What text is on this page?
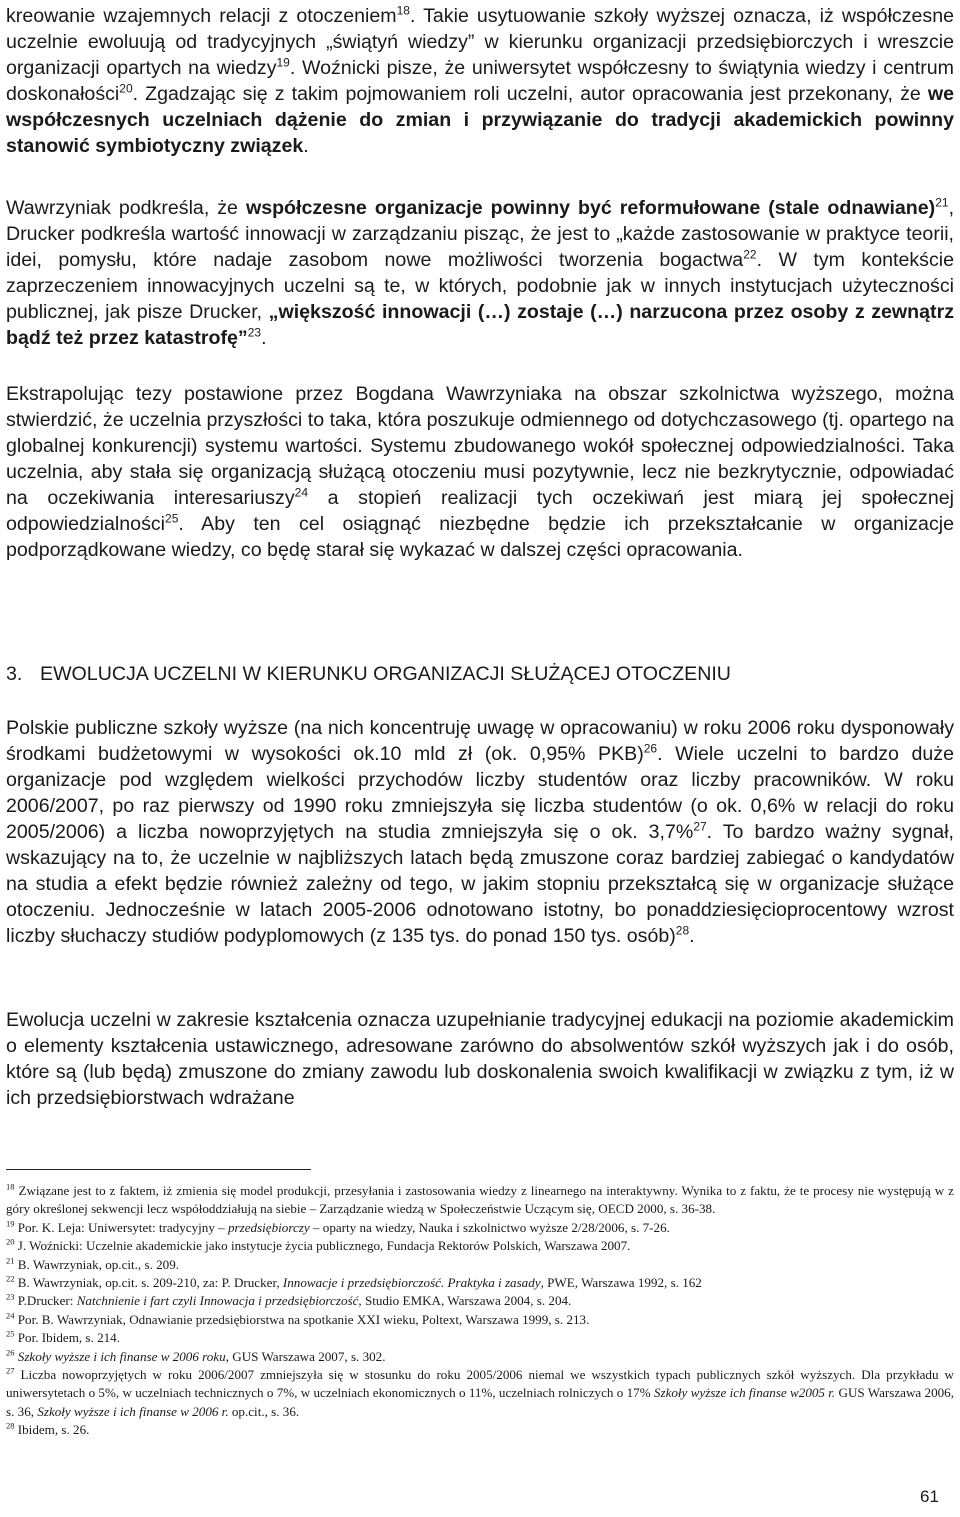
kreowanie wzajemnych relacji z otoczeniem$^{18}$. Takie usytuowanie szkoły wyższej oznacza, iż współczesne uczelnie ewoluują od tradycyjnych „świątyń wiedzy” w kierunku organizacji przedsiębiorczych i wreszcie organizacji opartych na wiedzy$^{19}$. Woźnicki pisze, że uniwersytet współczesny to świątynia wiedzy i centrum doskonałości$^{20}$. Zgadzając się z takim pojmowaniem roli uczelni, autor opracowania jest przekonany, że we współczesnych uczelniach dążenie do zmian i przywiązanie do tradycji akademickich powinny stanowić symbiotyczny związek.

Wawrzyniak podkreśla, że współczesne organizacje powinny być reformułowane (stale odnawiane)$^{21}$, Drucker podkreśla wartość innowacji w zarządzaniu pisząc, że jest to „każde zastosowanie w praktyce teorii, idei, pomysłu, które nadaje zasobom nowe możliwości tworzenia bogactwa$^{22}$. W tym kontekście zaprzeczeniem innowacyjnych uczelni są te, w których, podobnie jak w innych instytucjach użyteczności publicznej, jak pisze Drucker, „większość innowacji (…) zostaje (…) narzucona przez osoby z zewnątrz bądź też przez katastrofę”$^{23}$.

Ekstrapolując tezy postawione przez Bogdana Wawrzyniaka na obszar szkolnictwa wyższego, można stwierdzić, że uczelnia przyszłości to taka, która poszukuje odmiennego od dotychczasowego (tj. opartego na globalnej konkurencji) systemu wartości. Systemu zbudowanego wokół społecznej odpowiedzialności. Taka uczelnia, aby stała się organizacją służącą otoczeniu musi pozytywnie, lecz nie bezkrytycznie, odpowiadać na oczekiwania interesariuszy$^{24}$ a stopień realizacji tych oczekiwań jest miarą jej społecznej odpowiedzialności$^{25}$. Aby ten cel osiągnąć niezbędne będzie ich przekształcanie w organizacje podporządkowane wiedzy, co będę starał się wykazać w dalszej części opracowania.

3. EWOLUCJA UCZELNI W KIERUNKU ORGANIZACJI SŁUŻĄCEJ OTOCZENIU

Polskie publiczne szkoły wyższe (na nich koncentruję uwagę w opracowaniu) w roku 2006 roku dysponowały środkami budżetowymi w wysokości ok.10 mld zł (ok. 0,95% PKB)$^{26}$. Wiele uczelni to bardzo duże organizacje pod względem wielkości przychodów liczby studentów oraz liczby pracowników. W roku 2006/2007, po raz pierwszy od 1990 roku zmniejszyła się liczba studentów (o ok. 0,6% w relacji do roku 2005/2006) a liczba nowoprzyjętych na studia zmniejszyła się o ok. 3,7%$^{27}$. To bardzo ważny sygnał, wskazujący na to, że uczelnie w najbliższych latach będą zmuszone coraz bardziej zabiegać o kandydatów na studia a efekt będzie również zależny od tego, w jakim stopniu przekształcą się w organizacje służące otoczeniu. Jednocześnie w latach 2005-2006 odnotowano istotny, bo ponaddziesięcioprocentowy wzrost liczby słuchaczy studiów podyplomowych (z 135 tys. do ponad 150 tys. osób)$^{28}$.

Ewolucja uczelni w zakresie kształcenia oznacza uzupełnianie tradycyjnej edukacji na poziomie akademickim o elementy kształcenia ustawicznego, adresowane zarówno do absolwentów szkół wyższych jak i do osób, które są (lub będą) zmuszone do zmiany zawodu lub doskonalenia swoich kwalifikacji w związku z tym, iż w ich przedsiębiorstwach wdrażane

$^{18}$ Związane jest to z faktem, iż zmienia się model produkcji, przesyłania i zastosowania wiedzy z linearnego na interaktywny. Wynika to z faktu, że te procesy nie występują w z góry określonej sekwencji lecz współoddziałują na siebie – Zarządzanie wiedzą w Społeczeństwie Uczącym się, OECD 2000, s. 36-38.

$^{19}$ Por. K. Leja: Uniwersytet: tradycyjny – przedsiębiorczy – oparty na wiedzy, Nauka i szkolnictwo wyższe 2/28/2006, s. 7-26.

$^{20}$ J. Woźnicki: Uczelnie akademickie jako instytucje życia publicznego, Fundacja Rektorów Polskich, Warszawa 2007.

$^{21}$ B. Wawrzyniak, op.cit., s. 209.

$^{22}$ B. Wawrzyniak, op.cit. s. 209-210, za: P. Drucker, Innowacje i przedsiębiorczość. Praktyka i zasady, PWE, Warszawa 1992, s. 162

$^{23}$ P.Drucker: Natchnienie i fart czyli Innowacja i przedsiębiorczość, Studio EMKA, Warszawa 2004, s. 204.

$^{24}$ Por. B. Wawrzyniak, Odnawianie przedsiębiorstwa na spotkanie XXI wieku, Poltext, Warszawa 1999, s. 213.

$^{25}$ Por. Ibidem, s. 214.

$^{26}$ Szkoły wyższe i ich finanse w 2006 roku, GUS Warszawa 2007, s. 302.

$^{27}$ Liczba nowoprzyjętych w roku 2006/2007 zmniejszyła się w stosunku do roku 2005/2006 niemal we wszystkich typach publicznych szkół wyższych. Dla przykładu w uniwersytetach o 5%, w uczelniach technicznych o 7%, w uczelniach ekonomicznych o 11%, uczelniach rolniczych o 17% Szkoły wyższe ich finanse w2005 r. GUS Warszawa 2006, s. 36, Szkoły wyższe i ich finanse w 2006 r. op.cit., s. 36.

$^{28}$ Ibidem, s. 26.

61
